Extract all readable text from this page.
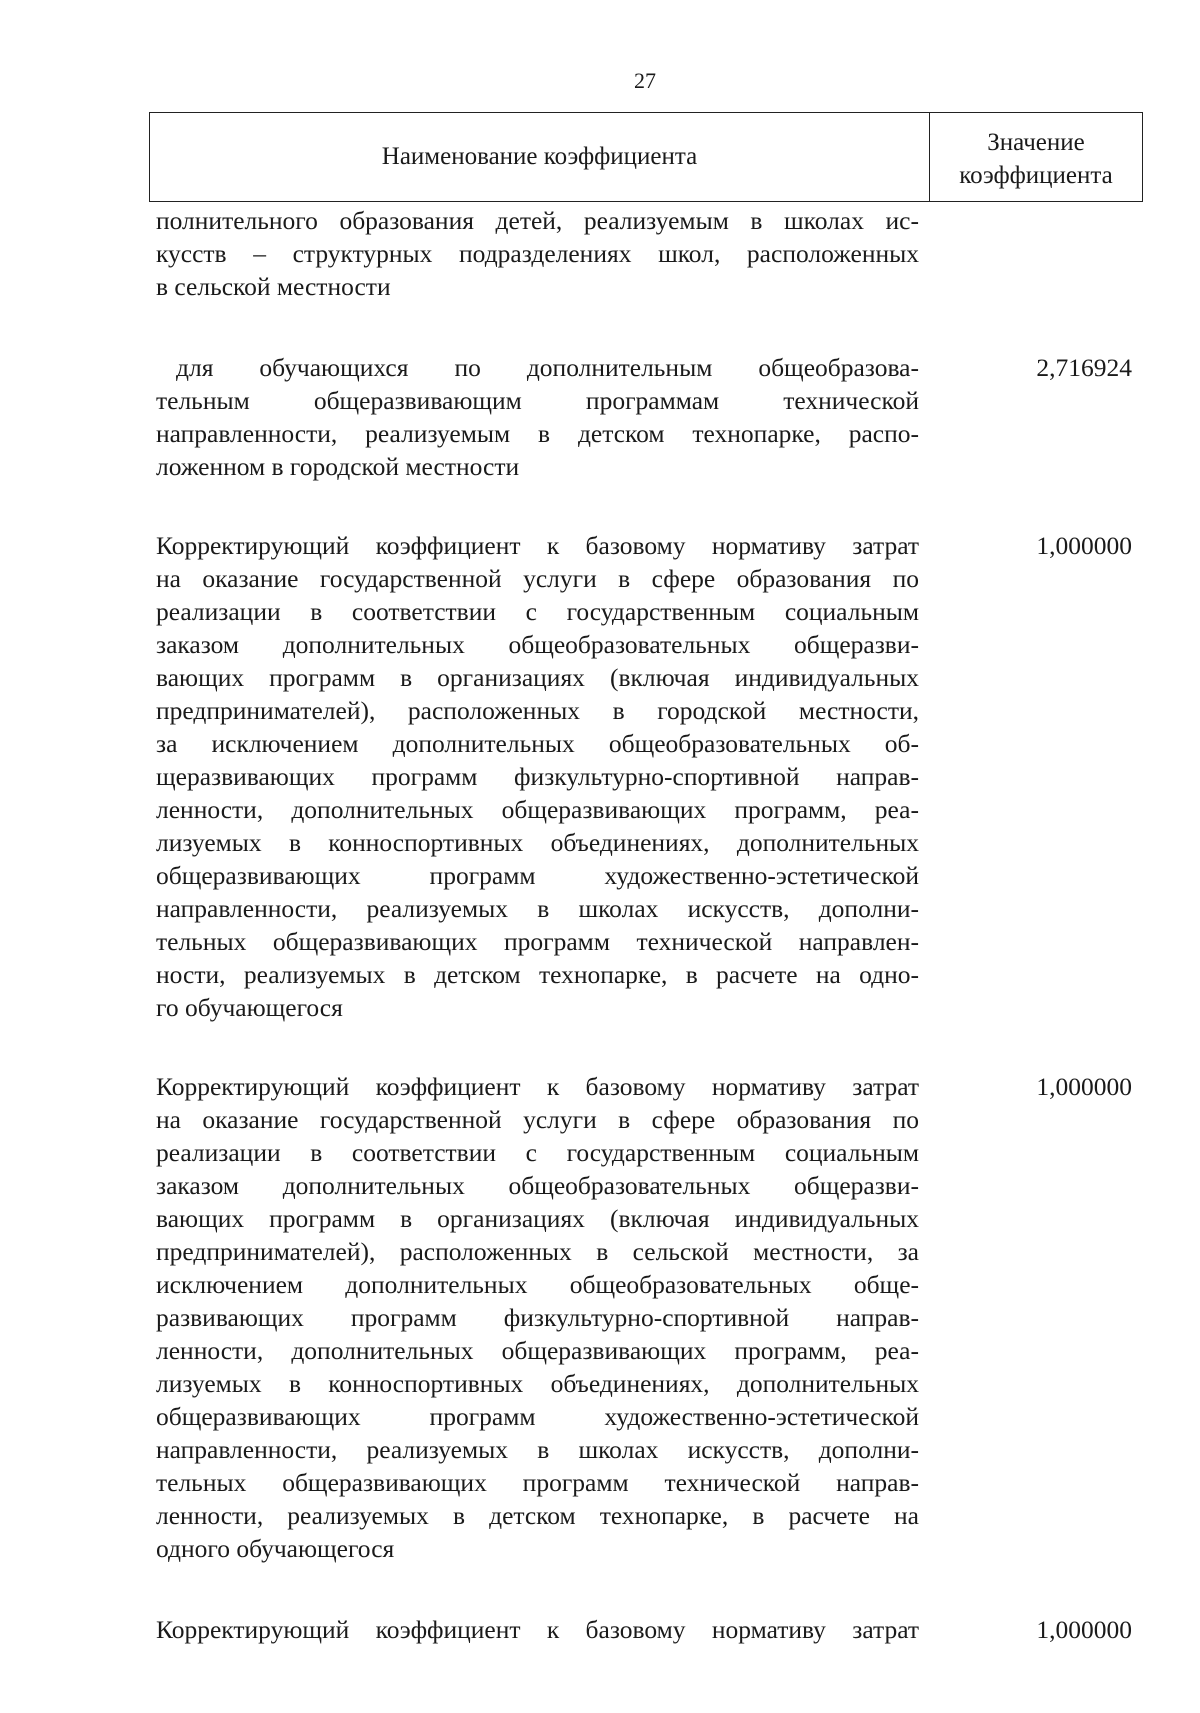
27
Наименование коэффициента
Значение
коэффициента
полнительного образования детей, реализуемым в школах ис-
кусств – структурных подразделениях школ, расположенных
в сельской местности
для обучающихся по дополнительным общеобразова-
тельным общеразвивающим программам технической
направленности, реализуемым в детском технопарке, распо-
ложенном в городской местности
2,716924
Корректирующий коэффициент к базовому нормативу затрат
на оказание государственной услуги в сфере образования по
реализации в соответствии с государственным социальным
заказом дополнительных общеобразовательных общеразви-
вающих программ в организациях (включая индивидуальных
предпринимателей), расположенных в городской местности,
за исключением дополнительных общеобразовательных об-
щеразвивающих программ физкультурно-спортивной направ-
ленности, дополнительных общеразвивающих программ, реа-
лизуемых в конноспортивных объединениях, дополнительных
общеразвивающих программ художественно-эстетической
направленности, реализуемых в школах искусств, дополни-
тельных общеразвивающих программ технической направлен-
ности, реализуемых в детском технопарке, в расчете на одно-
го обучающегося
1,000000
Корректирующий коэффициент к базовому нормативу затрат
на оказание государственной услуги в сфере образования по
реализации в соответствии с государственным социальным
заказом дополнительных общеобразовательных общеразви-
вающих программ в организациях (включая индивидуальных
предпринимателей), расположенных в сельской местности, за
исключением дополнительных общеобразовательных обще-
развивающих программ физкультурно-спортивной направ-
ленности, дополнительных общеразвивающих программ, реа-
лизуемых в конноспортивных объединениях, дополнительных
общеразвивающих программ художественно-эстетической
направленности, реализуемых в школах искусств, дополни-
тельных общеразвивающих программ технической направ-
ленности, реализуемых в детском технопарке, в расчете на
одного обучающегося
1,000000
Корректирующий коэффициент к базовому нормативу затрат	1,000000
